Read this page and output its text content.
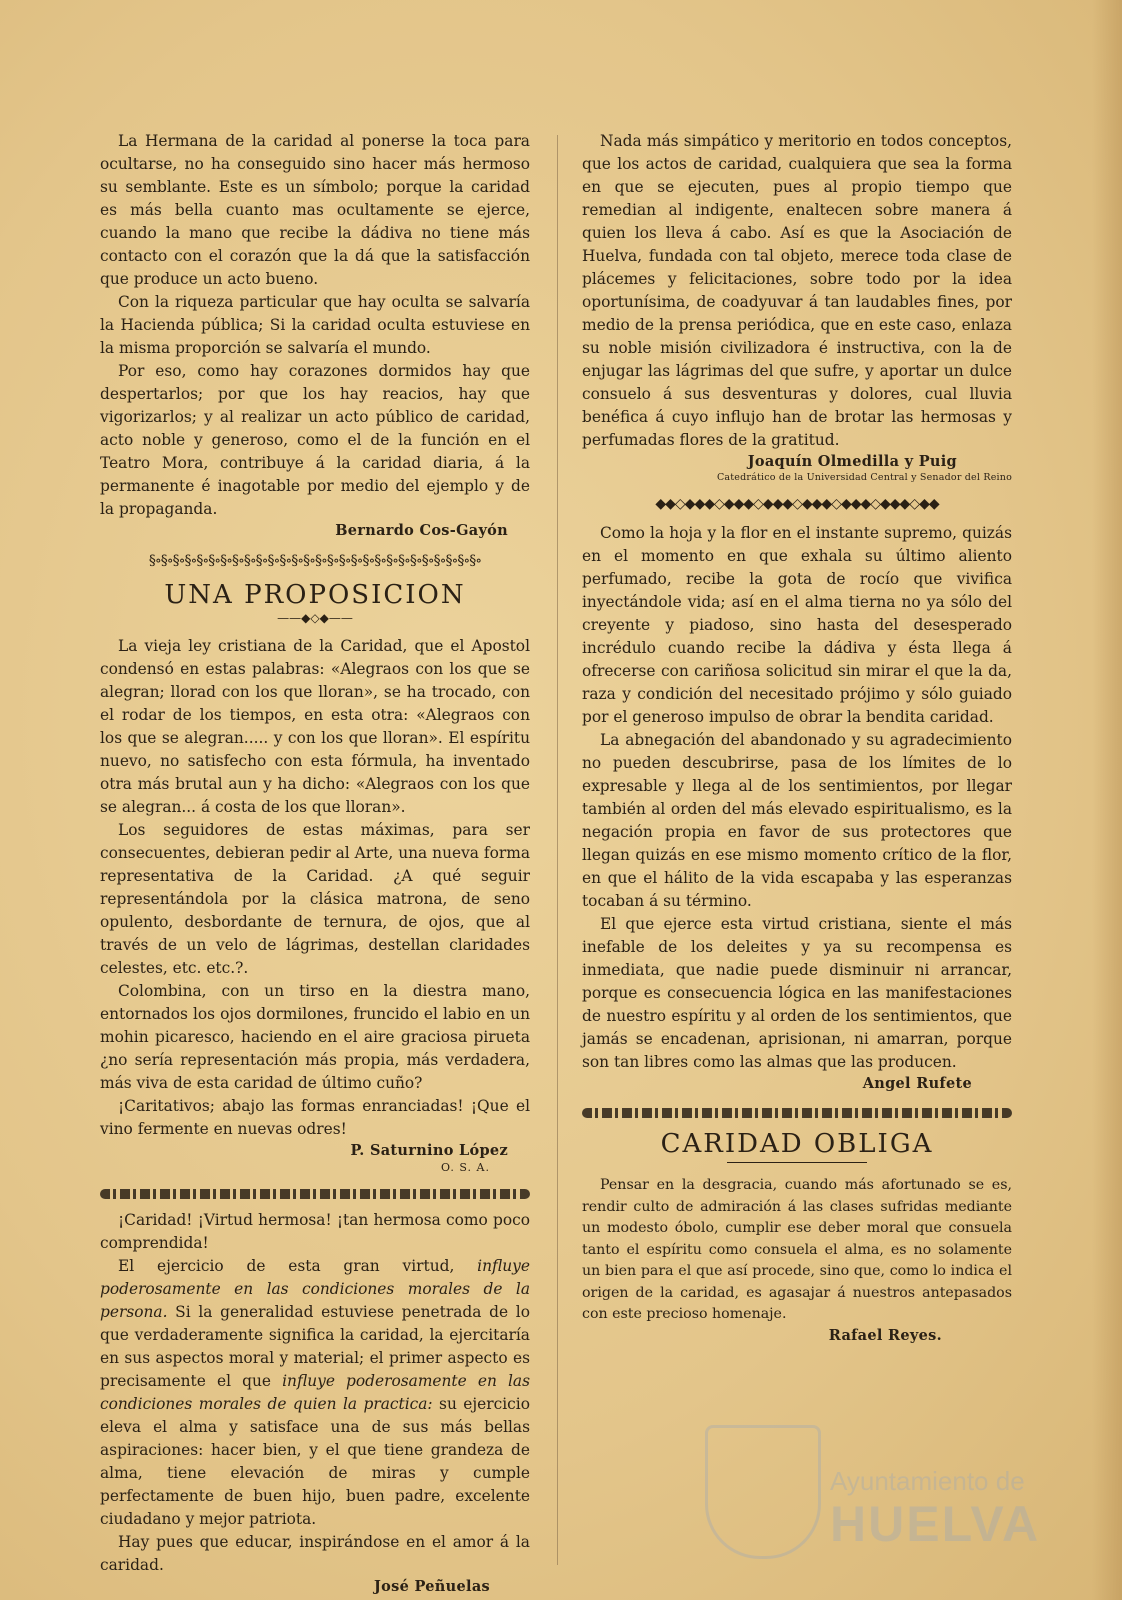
La Hermana de la caridad al ponerse la toca para ocultarse, no ha conseguido sino hacer más hermoso su semblante. Este es un símbolo; porque la caridad es más bella cuanto mas ocultamente se ejerce, cuando la mano que recibe la dádiva no tiene más contacto con el corazón que la dá que la satisfacción que produce un acto bueno.

Con la riqueza particular que hay oculta se salvaría la Hacienda pública; Si la caridad oculta estuviese en la misma proporción se salvaría el mundo.

Por eso, como hay corazones dormidos hay que despertarlos; por que los hay reacios, hay que vigorizarlos; y al realizar un acto público de caridad, acto noble y generoso, como el de la función en el Teatro Mora, contribuye á la caridad diaria, á la permanente é inagotable por medio del ejemplo y de la propaganda.

Bernardo Cos-Gayón
§∘§∘§∘§∘§∘§∘§∘§∘§∘§∘§∘§∘§∘§∘§∘§∘§∘§∘§∘§∘§∘§∘§∘§∘§∘§∘§∘§∘
UNA PROPOSICION
——◆◇◆——

La vieja ley cristiana de la Caridad, que el Apostol condensó en estas palabras: «Alegraos con los que se alegran; llorad con los que lloran», se ha trocado, con el rodar de los tiempos, en esta otra: «Alegraos con los que se alegran..... y con los que lloran». El espíritu nuevo, no satisfecho con esta fórmula, ha inventado otra más brutal aun y ha dicho: «Alegraos con los que se alegran... á costa de los que lloran».

Los seguidores de estas máximas, para ser consecuentes, debieran pedir al Arte, una nueva forma representativa de la Caridad. ¿A qué seguir representándola por la clásica matrona, de seno opulento, desbordante de ternura, de ojos, que al través de un velo de lágrimas, destellan claridades celestes, etc. etc.?.

Colombina, con un tirso en la diestra mano, entornados los ojos dormilones, fruncido el labio en un mohin picaresco, haciendo en el aire graciosa pirueta ¿no sería representación más propia, más verdadera, más viva de esta caridad de último cuño?

¡Caritativos; abajo las formas enranciadas! ¡Que el vino fermente en nuevas odres!

P. Saturnino López
O. S. A.

¡Caridad! ¡Virtud hermosa! ¡tan hermosa como poco comprendida!

El ejercicio de esta gran virtud, influye poderosamente en las condiciones morales de la persona. Si la generalidad estuviese penetrada de lo que verdaderamente significa la caridad, la ejercitaría en sus aspectos moral y material; el primer aspecto es precisamente el que influye poderosamente en las condiciones morales de quien la practica: su ejercicio eleva el alma y satisface una de sus más bellas aspiraciones: hacer bien, y el que tiene grandeza de alma, tiene elevación de miras y cumple perfectamente de buen hijo, buen padre, excelente ciudadano y mejor patriota.

Hay pues que educar, inspirándose en el amor á la caridad.

José Peñuelas

Nada más simpático y meritorio en todos conceptos, que los actos de caridad, cualquiera que sea la forma en que se ejecuten, pues al propio tiempo que remedian al indigente, enaltecen sobre manera á quien los lleva á cabo. Así es que la Asociación de Huelva, fundada con tal objeto, merece toda clase de plácemes y felicitaciones, sobre todo por la idea oportunísima, de coadyuvar á tan laudables fines, por medio de la prensa periódica, que en este caso, enlaza su noble misión civilizadora é instructiva, con la de enjugar las lágrimas del que sufre, y aportar un dulce consuelo á sus desventuras y dolores, cual lluvia benéfica á cuyo influjo han de brotar las hermosas y perfumadas flores de la gratitud.

Joaquín Olmedilla y Puig
Catedrático de la Universidad Central y Senador del Reino
◆◆◇◆◆◆◇◆◆◆◇◆◆◆◇◆◆◆◇◆◆◆◇◆◆◆◇◆◆

Como la hoja y la flor en el instante supremo, quizás en el momento en que exhala su último aliento perfumado, recibe la gota de rocío que vivifica inyectándole vida; así en el alma tierna no ya sólo del creyente y piadoso, sino hasta del desesperado incrédulo cuando recibe la dádiva y ésta llega á ofrecerse con cariñosa solicitud sin mirar el que la da, raza y condición del necesitado prójimo y sólo guiado por el generoso impulso de obrar la bendita caridad.

La abnegación del abandonado y su agradecimiento no pueden descubrirse, pasa de los límites de lo expresable y llega al de los sentimientos, por llegar también al orden del más elevado espiritualismo, es la negación propia en favor de sus protectores que llegan quizás en ese mismo momento crítico de la flor, en que el hálito de la vida escapaba y las esperanzas tocaban á su término.

El que ejerce esta virtud cristiana, siente el más inefable de los deleites y ya su recompensa es inmediata, que nadie puede disminuir ni arrancar, porque es consecuencia lógica en las manifestaciones de nuestro espíritu y al orden de los sentimientos, que jamás se encadenan, aprisionan, ni amarran, porque son tan libres como las almas que las producen.

Angel Rufete
CARIDAD OBLIGA

Pensar en la desgracia, cuando más afortunado se es, rendir culto de admiración á las clases sufridas mediante un modesto óbolo, cumplir ese deber moral que consuela tanto el espíritu como consuela el alma, es no solamente un bien para el que así procede, sino que, como lo indica el origen de la caridad, es agasajar á nuestros antepasados con este precioso homenaje.

Rafael Reyes.
Ayuntamiento de
HUELVA
